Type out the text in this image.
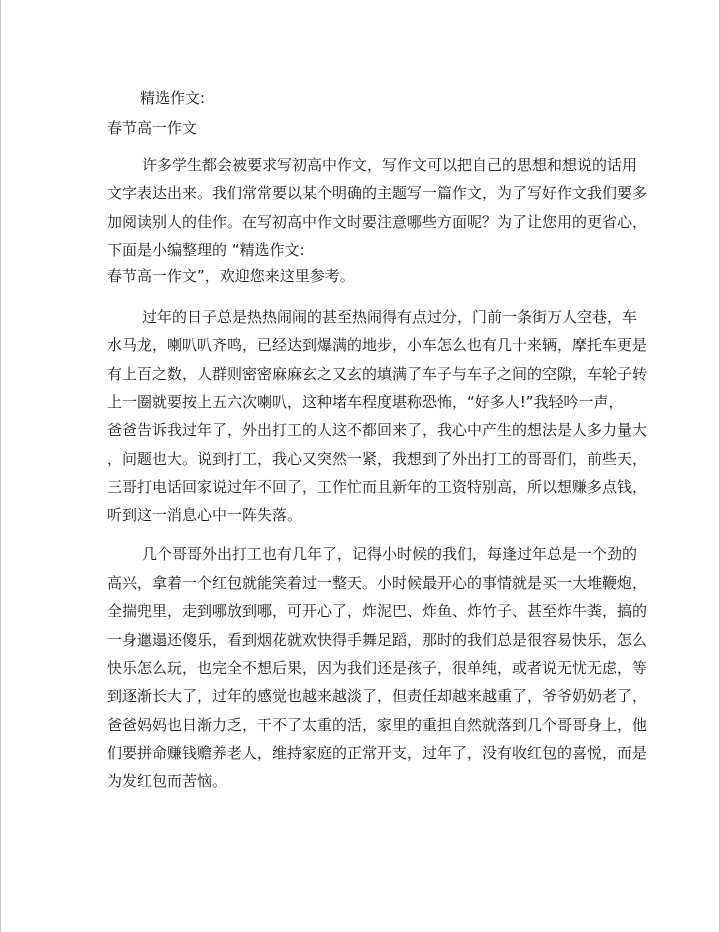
精选作文:

春节高一作文

许多学生都会被要求写初高中作文，写作文可以把自己的思想和想说的话用

文字表达出来。我们常常要以某个明确的主题写一篇作文，为了写好作文我们要多

加阅读别人的佳作。在写初高中作文时要注意哪些方面呢？为了让您用的更省心，

下面是小编整理的 “精选作文:

春节高一作文”，欢迎您来这里参考。

过年的日子总是热热闹闹的甚至热闹得有点过分，门前一条街万人空巷，车

水马龙，喇叭叭齐鸣，已经达到爆满的地步，小车怎么也有几十来辆，摩托车更是

有上百之数，人群则密密麻麻玄之又玄的填满了车子与车子之间的空隙，车轮子转

上一圈就要按上五六次喇叭，这种堵车程度堪称恐怖，“好多人!”我轻吟一声，

爸爸告诉我过年了，外出打工的人这不都回来了，我心中产生的想法是人多力量大

，问题也大。说到打工，我心又突然一紧，我想到了外出打工的哥哥们，前些天，

三哥打电话回家说过年不回了，工作忙而且新年的工资特别高，所以想赚多点钱，

听到这一消息心中一阵失落。

几个哥哥外出打工也有几年了，记得小时候的我们，每逢过年总是一个劲的

高兴，拿着一个红包就能笑着过一整天。小时候最开心的事情就是买一大堆鞭炮，

全揣兜里，走到哪放到哪，可开心了，炸泥巴、炸鱼、炸竹子、甚至炸牛粪，搞的

一身邋遢还傻乐，看到烟花就欢快得手舞足蹈，那时的我们总是很容易快乐，怎么

快乐怎么玩，也完全不想后果，因为我们还是孩子，很单纯，或者说无忧无虑，等

到逐渐长大了，过年的感觉也越来越淡了，但责任却越来越重了，爷爷奶奶老了，

爸爸妈妈也日渐力乏，干不了太重的活，家里的重担自然就落到几个哥哥身上，他

们要拼命赚钱赡养老人，维持家庭的正常开支，过年了，没有收红包的喜悦，而是

为发红包而苦恼。
